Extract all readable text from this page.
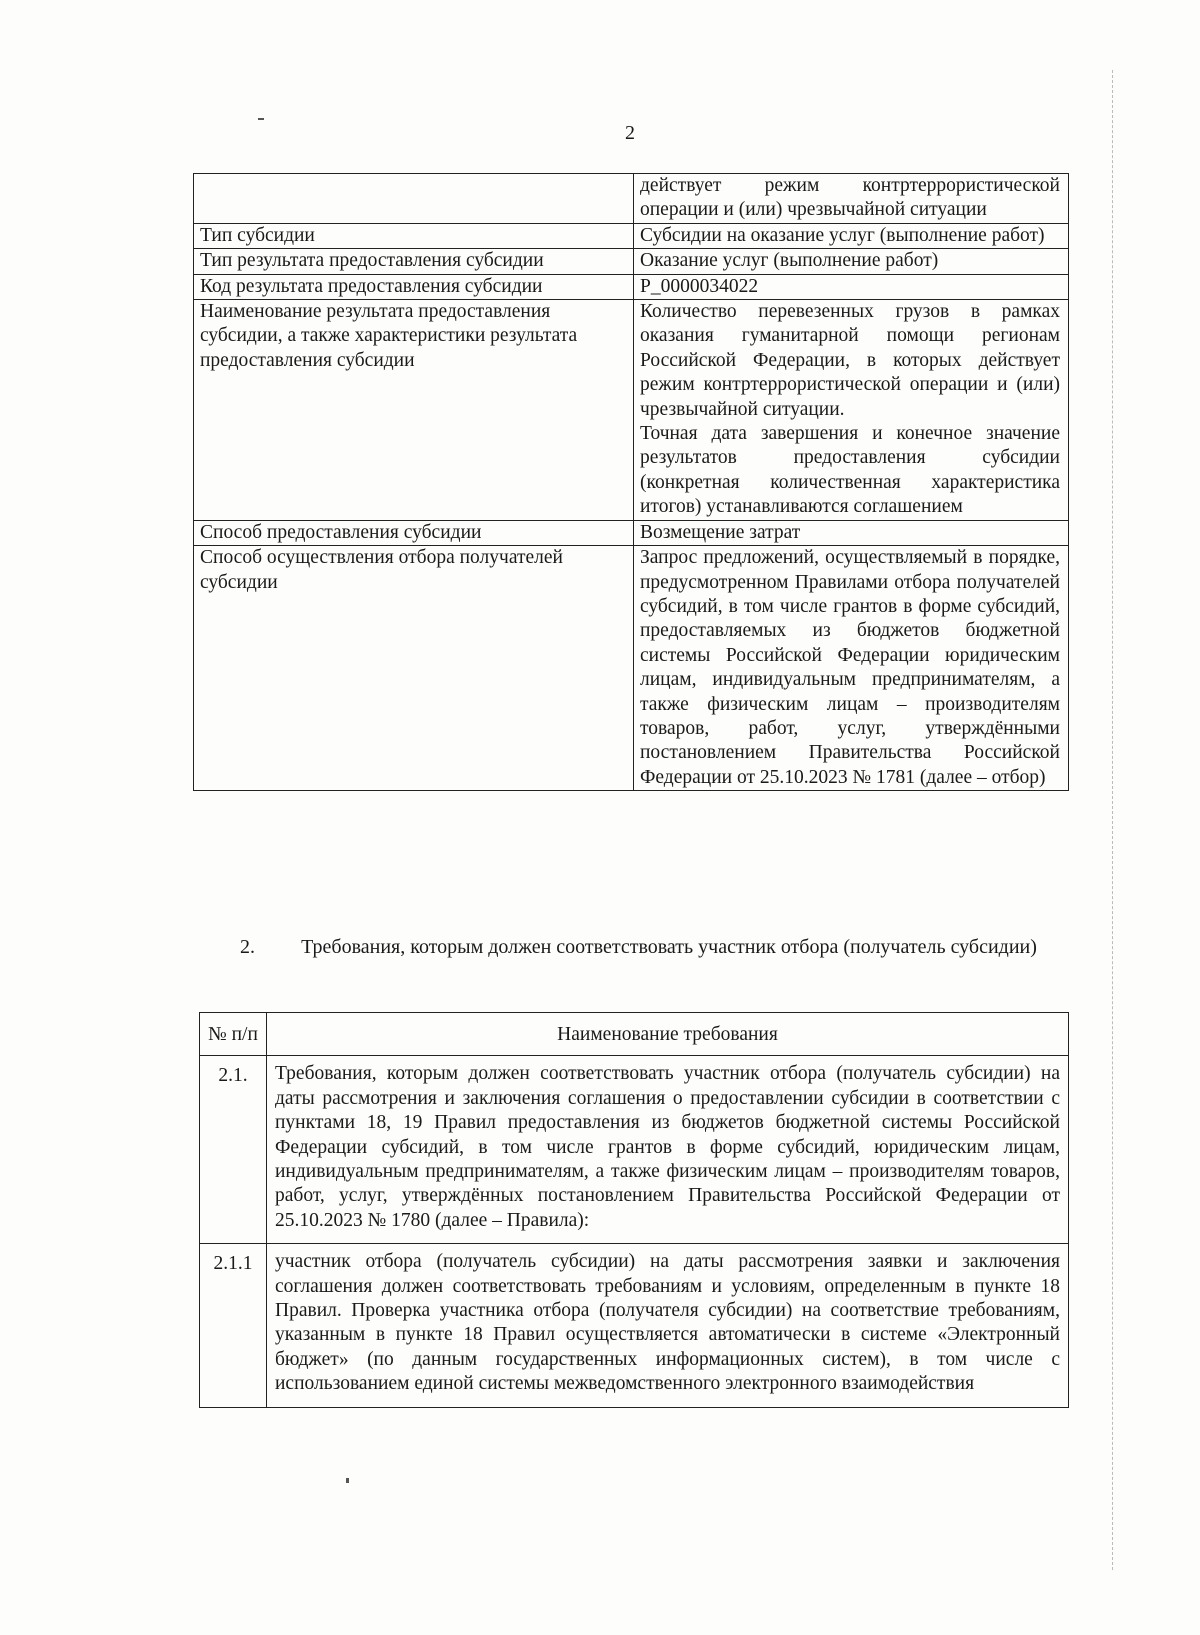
2

	действует режим контртеррористической операции и (или) чрезвычайной ситуации

Тип субсидии	Субсидии на оказание услуг (выполнение работ)

Тип результата предоставления субсидии	Оказание услуг (выполнение работ)

Код результата предоставления субсидии	Р_0000034022

Наименование результата предоставления субсидии, а также характеристики результата предоставления субсидии	Количество перевезенных грузов в рамках оказания гуманитарной помощи регионам Российской Федерации, в которых действует режим контртеррористической операции и (или) чрезвычайной ситуации.

Точная дата завершения и конечное значение результатов предоставления субсидии (конкретная количественная характеристика итогов) устанавливаются соглашением

Способ предоставления субсидии	Возмещение затрат

Способ осуществления отбора получателей субсидии	Запрос предложений, осуществляемый в порядке, предусмотренном Правилами отбора получателей субсидий, в том числе грантов в форме субсидий, предоставляемых из бюджетов бюджетной системы Российской Федерации юридическим лицам, индивидуальным предпринимателям, а также физическим лицам – производителям товаров, работ, услуг, утверждёнными постановлением Правительства Российской Федерации от 25.10.2023 № 1781 (далее – отбор)

2.	Требования, которым должен соответствовать участник отбора (получатель субсидии)
№ п/п	Наименование требования
2.1.	Требования, которым должен соответствовать участник отбора (получатель субсидии) на даты рассмотрения и заключения соглашения о предоставлении субсидии в соответствии с пунктами 18, 19 Правил предоставления из бюджетов бюджетной системы Российской Федерации субсидий, в том числе грантов в форме субсидий, юридическим лицам, индивидуальным предпринимателям, а также физическим лицам – производителям товаров, работ, услуг, утверждённых постановлением Правительства Российской Федерации от 25.10.2023 № 1780 (далее – Правила):
2.1.1	участник отбора (получатель субсидии) на даты рассмотрения заявки и заключения соглашения должен соответствовать требованиям и условиям, определенным в пункте 18 Правил. Проверка участника отбора (получателя субсидии) на соответствие требованиям, указанным в пункте 18 Правил осуществляется автоматически в системе «Электронный бюджет» (по данным государственных информационных систем), в том числе с использованием единой системы межведомственного электронного взаимодействия
